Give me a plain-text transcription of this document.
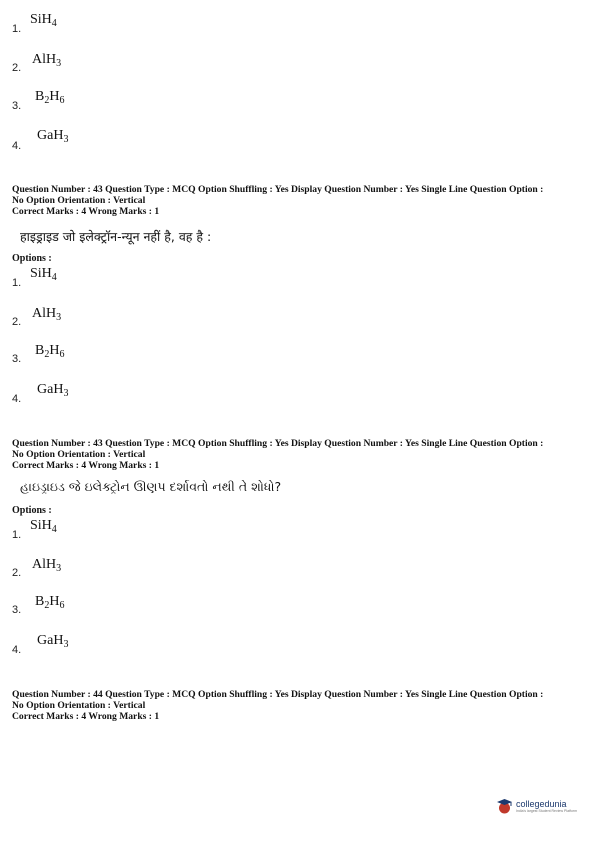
1.
SiH$_4$
2.
AlH$_3$
3.
$B_2H_6$
4.
GaH$_3$
Question Number : 43 Question Type : MCQ Option Shuffling : Yes Display Question Number : Yes Single Line Question Option :
No Option Orientation : Vertical
Correct Marks : 4 Wrong Marks : 1
हाइड्राइड जो इलेक्ट्रॉन-न्यून नहीं है, वह है :
Options :
1.
SiH$_4$
2.
AlH$_3$
3.
$B_2H_6$
4.
GaH$_3$
Question Number : 43 Question Type : MCQ Option Shuffling : Yes Display Question Number : Yes Single Line Question Option :
No Option Orientation : Vertical
Correct Marks : 4 Wrong Marks : 1
હાઇડ્રાઇડ જે ઇલેક્ટ્રોન ઊણપ દર્શાવતો નથી તે શોધો?
Options :
1.
SiH$_4$
2.
AlH$_3$
3.
$B_2H_6$
4.
GaH$_3$
Question Number : 44 Question Type : MCQ Option Shuffling : Yes Display Question Number : Yes Single Line Question Option :
No Option Orientation : Vertical
Correct Marks : 4 Wrong Marks : 1
collegedunia
India's largest Student Review Platform
